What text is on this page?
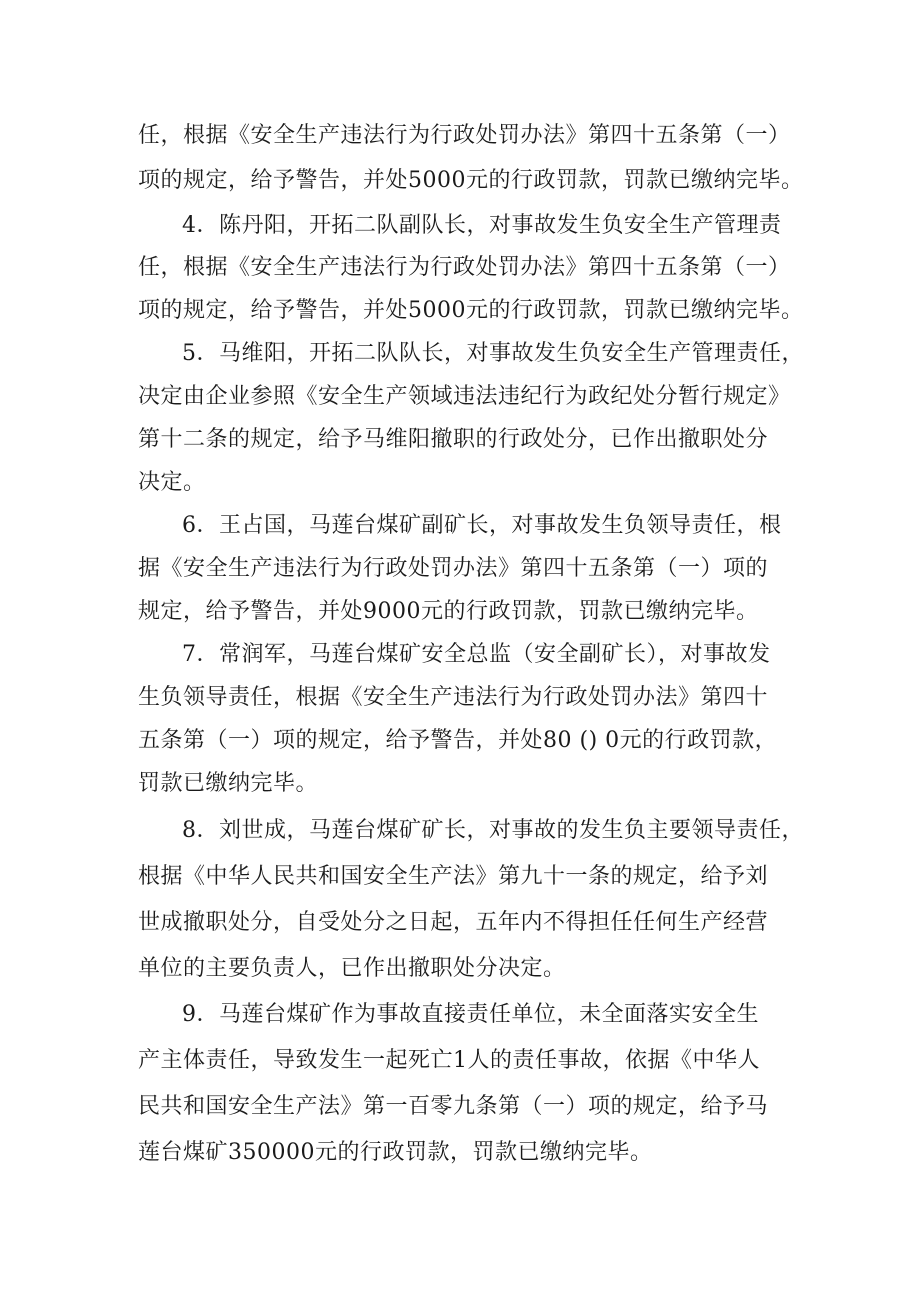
任，根据《安全生产违法行为行政处罚办法》第四十五条第（一）
项的规定，给予警告，并处5000元的行政罚款，罚款已缴纳完毕。
4．陈丹阳，开拓二队副队长，对事故发生负安全生产管理责
任，根据《安全生产违法行为行政处罚办法》第四十五条第（一）
项的规定，给予警告，并处5000元的行政罚款，罚款已缴纳完毕。
5．马维阳，开拓二队队长，对事故发生负安全生产管理责任，
决定由企业参照《安全生产领域违法违纪行为政纪处分暂行规定》
第十二条的规定，给予马维阳撤职的行政处分，已作出撤职处分
决定。
6．王占国，马莲台煤矿副矿长，对事故发生负领导责任，根
据《安全生产违法行为行政处罚办法》第四十五条第（一）项的
规定，给予警告，并处9000元的行政罚款，罚款已缴纳完毕。
7．常润军，马莲台煤矿安全总监（安全副矿长），对事故发
生负领导责任，根据《安全生产违法行为行政处罚办法》第四十
五条第（一）项的规定，给予警告，并处80 () 0元的行政罚款，
罚款已缴纳完毕。
8．刘世成，马莲台煤矿矿长，对事故的发生负主要领导责任，
根据《中华人民共和国安全生产法》第九十一条的规定，给予刘
世成撤职处分，自受处分之日起，五年内不得担任任何生产经营
单位的主要负责人，已作出撤职处分决定。
9．马莲台煤矿作为事故直接责任单位，未全面落实安全生
产主体责任，导致发生一起死亡1人的责任事故，依据《中华人
民共和国安全生产法》第一百零九条第（一）项的规定，给予马
莲台煤矿350000元的行政罚款，罚款已缴纳完毕。
